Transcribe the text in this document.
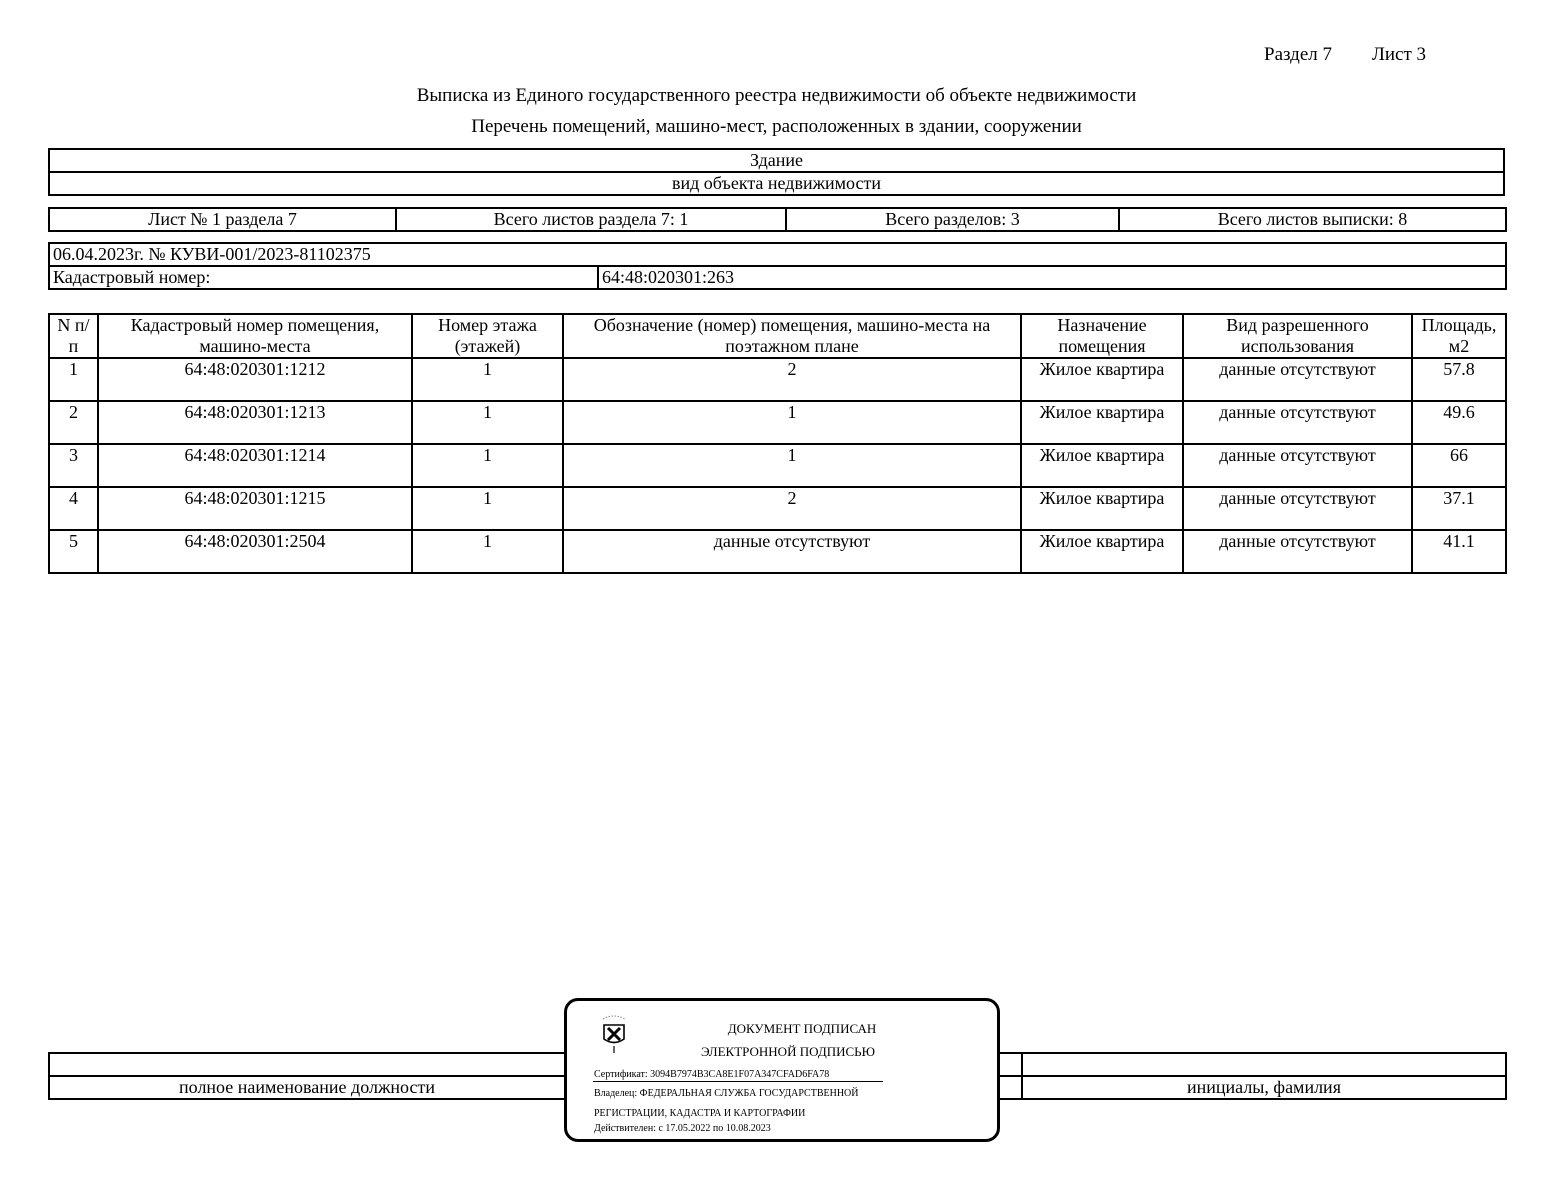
Раздел 7 Лист 3
Выписка из Единого государственного реестра недвижимости об объекте недвижимости
Перечень помещений, машино-мест, расположенных в здании, сооружении
Здание
вид объекта недвижимости
Лист № 1 раздела 7	Всего листов раздела 7: 1	Всего разделов: 3	Всего листов выписки: 8
06.04.2023г. № КУВИ-001/2023-81102375
Кадастровый номер:	64:48:020301:263
N п/п	Кадастровый номер помещения, машино-места	Номер этажа (этажей)	Обозначение (номер) помещения, машино-места на поэтажном плане	Назначение помещения	Вид разрешенного использования	Площадь, м2
1	64:48:020301:1212	1	2	Жилое квартира	данные отсутствуют	57.8
2	64:48:020301:1213	1	1	Жилое квартира	данные отсутствуют	49.6
3	64:48:020301:1214	1	1	Жилое квартира	данные отсутствуют	66
4	64:48:020301:1215	1	2	Жилое квартира	данные отсутствуют	37.1
5	64:48:020301:2504	1	данные отсутствуют	Жилое квартира	данные отсутствуют	41.1

полное наименование должности		инициалы, фамилия
ДОКУМЕНТ ПОДПИСАН
ЭЛЕКТРОННОЙ ПОДПИСЬЮ
Сертификат: 3094B7974B3CA8E1F07A347CFAD6FA78
Владелец: ФЕДЕРАЛЬНАЯ СЛУЖБА ГОСУДАРСТВЕННОЙ
РЕГИСТРАЦИИ, КАДАСТРА И КАРТОГРАФИИ
Действителен: с 17.05.2022 по 10.08.2023
